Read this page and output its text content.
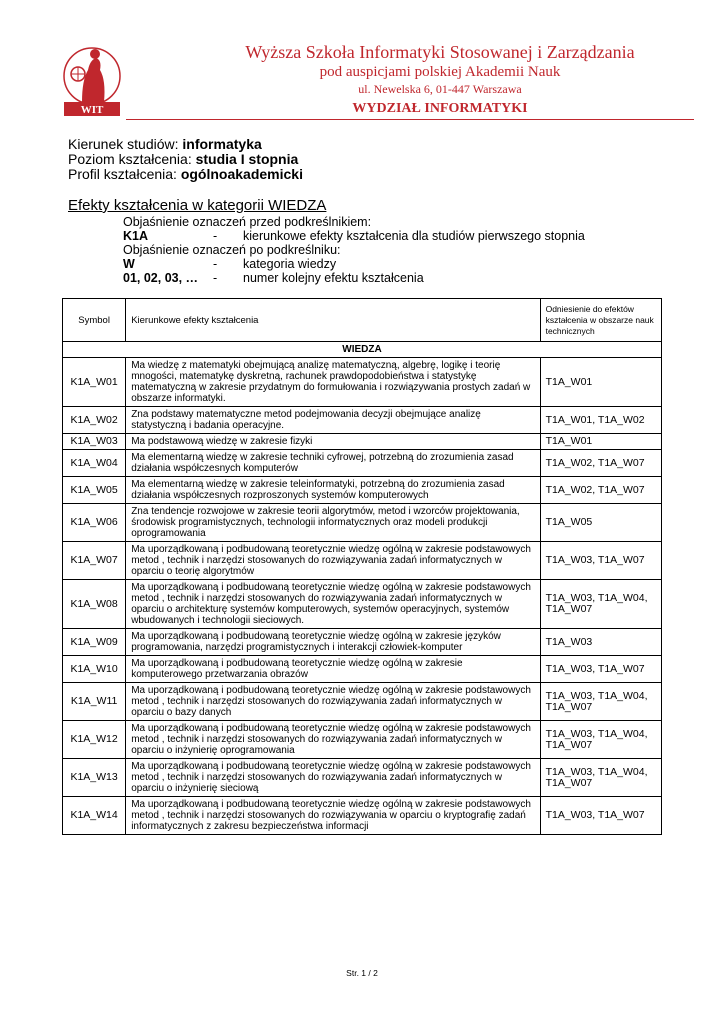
WIT
Wyższa Szkoła Informatyki Stosowanej i Zarządzania
pod auspicjami polskiej Akademii Nauk
ul. Newelska 6, 01-447 Warszawa
WYDZIAŁ INFORMATYKI
Kierunek studiów: informatyka
Poziom kształcenia: studia I stopnia
Profil kształcenia: ogólnoakademicki
Efekty kształcenia w kategorii WIEDZA
Objaśnienie oznaczeń przed podkreślnikiem:
K1A	-	kierunkowe efekty kształcenia dla studiów pierwszego stopnia
Objaśnienie oznaczeń po podkreślniku:
W	-	kategoria wiedzy
01, 02, 03, …	-	numer kolejny efektu kształcenia
Symbol	Kierunkowe efekty kształcenia	Odniesienie do efektów kształcenia w obszarze nauk technicznych
WIEDZA		
K1A_W01	Ma wiedzę z matematyki obejmującą analizę matematyczną, algebrę, logikę i teorię mnogości, matematykę dyskretną, rachunek prawdopodobieństwa i statystykę matematyczną w zakresie przydatnym do formułowania i rozwiązywania prostych zadań w obszarze informatyki.	T1A_W01
K1A_W02	Zna podstawy matematyczne metod podejmowania decyzji obejmujące analizę statystyczną i badania operacyjne.	T1A_W01, T1A_W02
K1A_W03	Ma podstawową wiedzę w zakresie fizyki	T1A_W01
K1A_W04	Ma elementarną wiedzę w zakresie techniki cyfrowej, potrzebną do zrozumienia zasad działania współczesnych komputerów	T1A_W02, T1A_W07
K1A_W05	Ma elementarną wiedzę w zakresie teleinformatyki, potrzebną do zrozumienia zasad działania współczesnych rozproszonych systemów komputerowych	T1A_W02, T1A_W07
K1A_W06	Zna tendencje rozwojowe w zakresie teorii algorytmów, metod i wzorców projektowania, środowisk programistycznych, technologii informatycznych oraz modeli produkcji oprogramowania	T1A_W05
K1A_W07	Ma uporządkowaną i podbudowaną teoretycznie wiedzę ogólną w zakresie podstawowych metod , technik i narzędzi stosowanych do rozwiązywania zadań informatycznych w oparciu o teorię algorytmów	T1A_W03, T1A_W07
K1A_W08	Ma uporządkowaną i podbudowaną teoretycznie wiedzę ogólną w zakresie podstawowych metod , technik i narzędzi stosowanych do rozwiązywania zadań informatycznych w oparciu o architekturę systemów komputerowych, systemów operacyjnych, systemów wbudowanych i technologii sieciowych.	T1A_W03, T1A_W04, T1A_W07
K1A_W09	Ma uporządkowaną i podbudowaną teoretycznie wiedzę ogólną w zakresie języków programowania, narzędzi programistycznych i interakcji człowiek-komputer	T1A_W03
K1A_W10	Ma uporządkowaną i podbudowaną teoretycznie wiedzę ogólną w zakresie komputerowego przetwarzania obrazów	T1A_W03, T1A_W07
K1A_W11	Ma uporządkowaną i podbudowaną teoretycznie wiedzę ogólną w zakresie podstawowych metod , technik i narzędzi stosowanych do rozwiązywania zadań informatycznych w oparciu o bazy danych	T1A_W03, T1A_W04, T1A_W07
K1A_W12	Ma uporządkowaną i podbudowaną teoretycznie wiedzę ogólną w zakresie podstawowych metod , technik i narzędzi stosowanych do rozwiązywania zadań informatycznych w oparciu o inżynierię oprogramowania	T1A_W03, T1A_W04, T1A_W07
K1A_W13	Ma uporządkowaną i podbudowaną teoretycznie wiedzę ogólną w zakresie podstawowych metod , technik i narzędzi stosowanych do rozwiązywania zadań informatycznych w oparciu o inżynierię sieciową	T1A_W03, T1A_W04, T1A_W07
K1A_W14	Ma uporządkowaną i podbudowaną teoretycznie wiedzę ogólną w zakresie podstawowych metod , technik i narzędzi stosowanych do rozwiązywania w oparciu o kryptografię zadań informatycznych z zakresu bezpieczeństwa informacji	T1A_W03, T1A_W07
Str. 1 / 2
